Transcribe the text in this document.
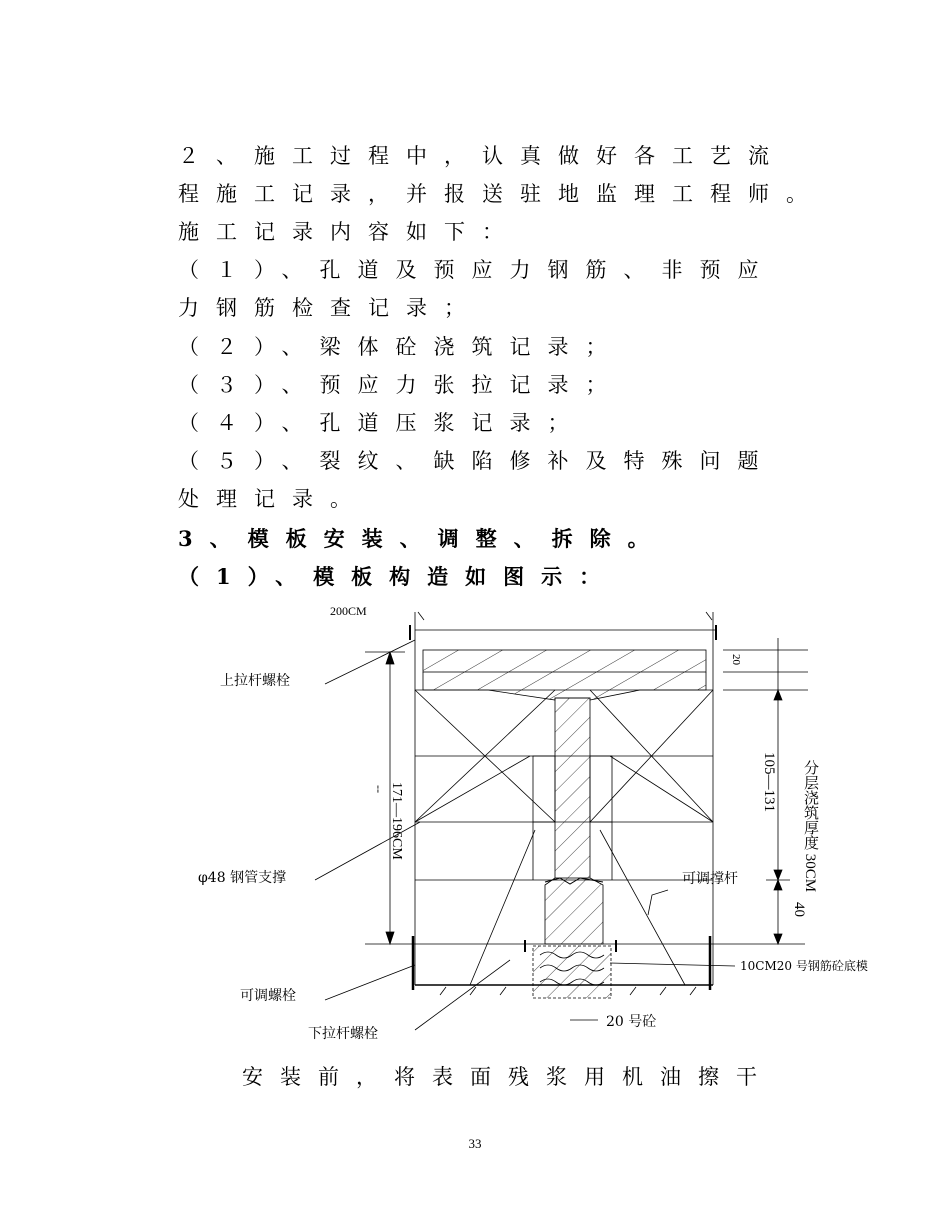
２、施工过程中，认真做好各工艺流
程施工记录，并报送驻地监理工程师。
施工记录内容如下：
（１）、孔道及预应力钢筋、非预应
力钢筋检查记录；
（２）、梁体砼浇筑记录；
（３）、预应力张拉记录；
（４）、孔道压浆记录；
（５）、裂纹、缺陷修补及特殊问题
处理记录。
3、模板安装、调整、拆除。
（1）、模板构造如图示：
200CM
上拉杆螺栓
φ48 钢管支撑
可调螺栓
下拉杆螺栓
可调撑杆
10CM20 号钢筋砼底模
20 号砼
171—196CM
--
20
105—131 分层浇筑厚度 30CM
40
安装前，将表面残浆用机油擦干
33
